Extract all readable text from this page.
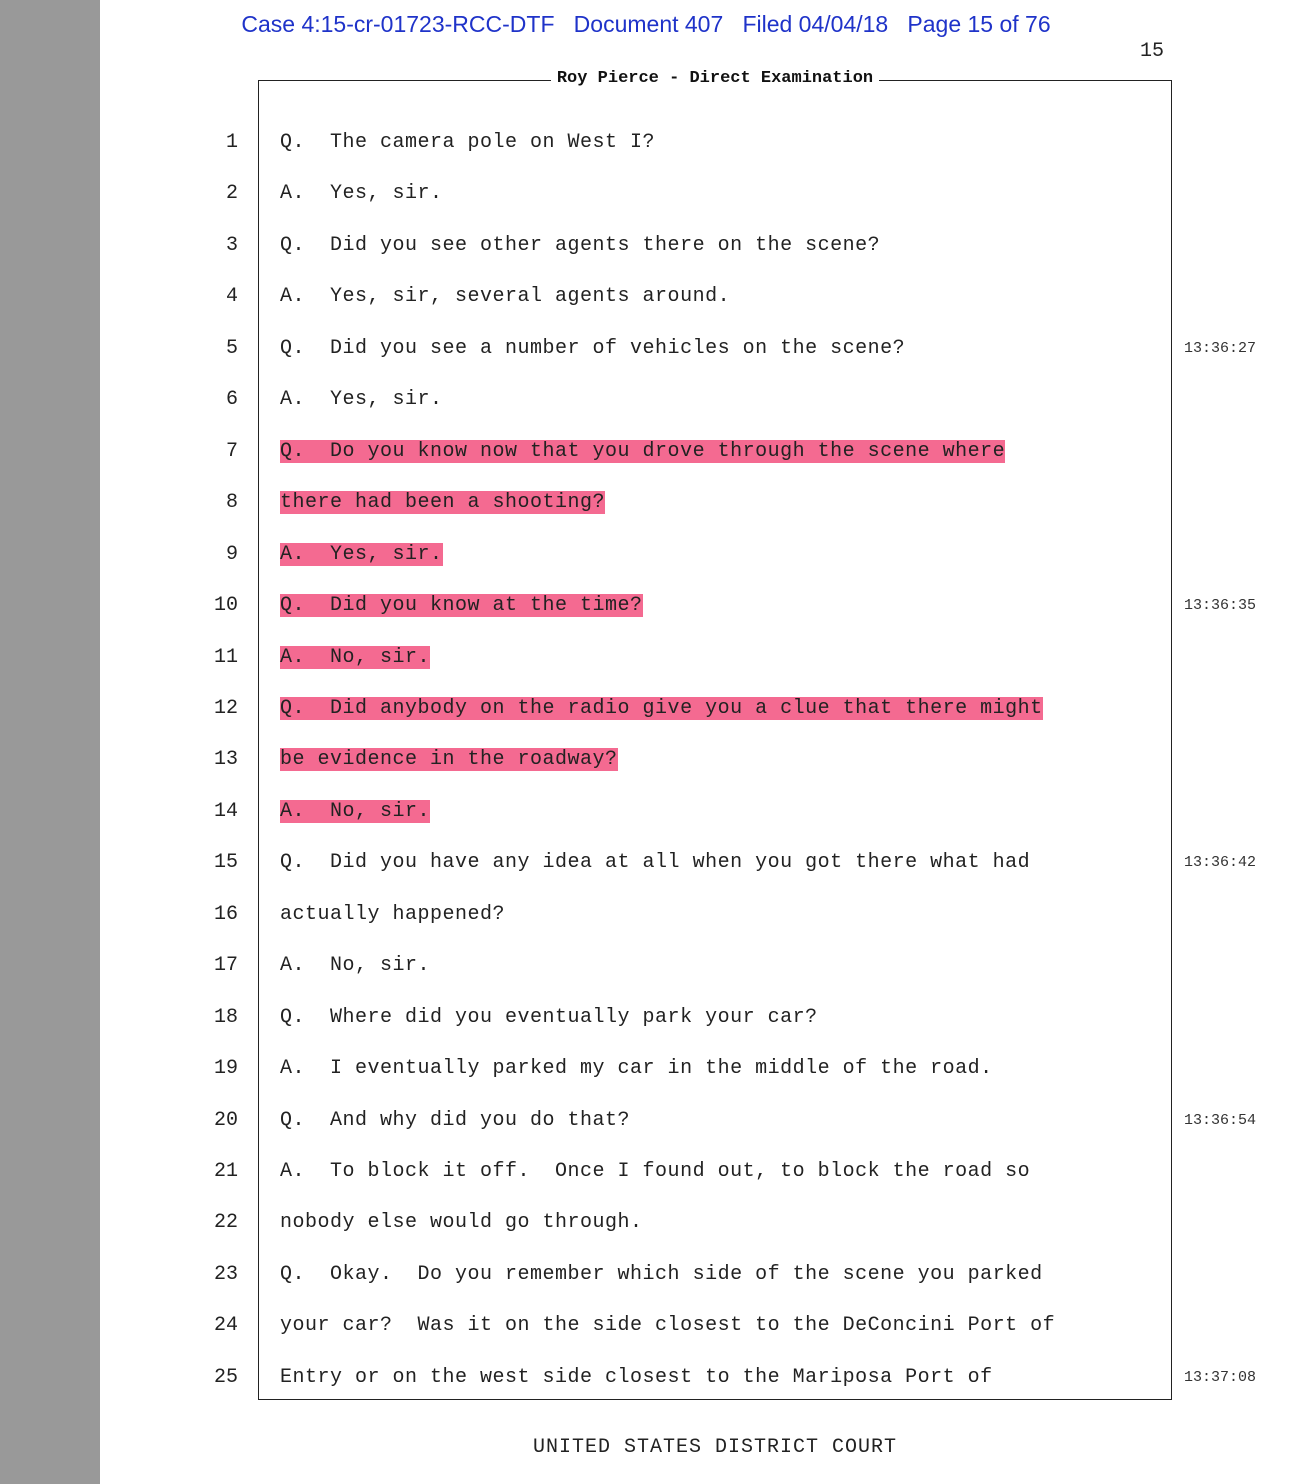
Case 4:15-cr-01723-RCC-DTF Document 407 Filed 04/04/18 Page 15 of 76
15
Roy Pierce - Direct Examination
1 Q.  The camera pole on West I?
2 A.  Yes, sir.
3 Q.  Did you see other agents there on the scene?
4 A.  Yes, sir, several agents around.
5 Q.  Did you see a number of vehicles on the scene?	13:36:27
6 A.  Yes, sir.
7 Q.  Do you know now that you drove through the scene where
8 there had been a shooting?
9 A.  Yes, sir.
10 Q.  Did you know at the time?	13:36:35
11 A.  No, sir.
12 Q.  Did anybody on the radio give you a clue that there might
13 be evidence in the roadway?
14 A.  No, sir.
15 Q.  Did you have any idea at all when you got there what had	13:36:42
16 actually happened?
17 A.  No, sir.
18 Q.  Where did you eventually park your car?
19 A.  I eventually parked my car in the middle of the road.
20 Q.  And why did you do that?	13:36:54
21 A.  To block it off.  Once I found out, to block the road so
22 nobody else would go through.
23 Q.  Okay.  Do you remember which side of the scene you parked
24 your car?  Was it on the side closest to the DeConcini Port of
25 Entry or on the west side closest to the Mariposa Port of	13:37:08
UNITED STATES DISTRICT COURT
